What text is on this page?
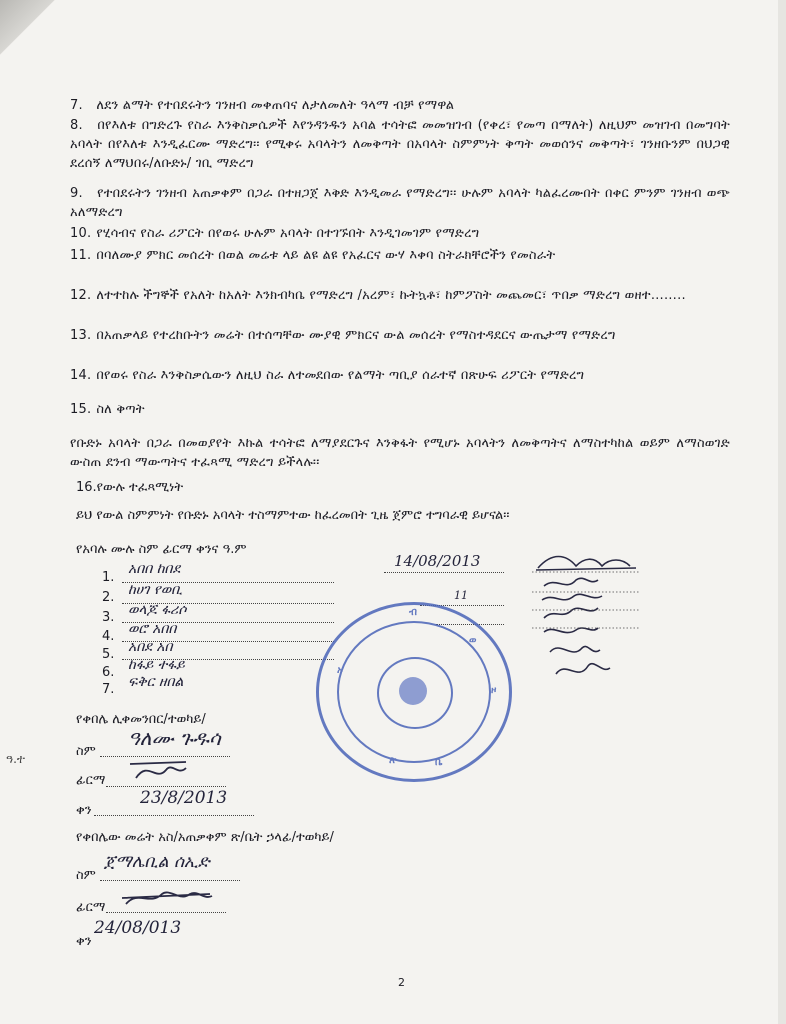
7. ለደን ልማት የተበደሩትን ገንዘብ መቀጠባና ለታለመለት ዓላማ ብቻ የማዋል
8. በየእለቱ በግድረጉ የስራ እንቅስቃሴዎች እየንዳንዱን አባል ተሳትፎ መመዝገብ (የቀረ፣ የመጣ በማለት) ለዚህም መዝገብ በመግባት አባላት በየእለቱ እንዲፈርሙ ማድረግ፡፡ የሚቀሩ አባላትን ለመቅጣት በአባላት ስምምነት ቅጣት መወሰንና መቅጣት፣ ገንዘቡንም በህጋዊ ደረሰኝ ለማህበሩ/ለቡድኑ/ ገቢ ማድረግ
9. የተበደሩትን ገንዘብ አጠቃቀም በጋራ በተዘጋጀ እቅድ እንዲመራ የማድረግ፡፡ ሁሉም አባላት ካልፈረሙበት በቀር ምንም ገንዘብ ወጭ አለማድረግ
10. የሂሳብና የስራ ሪፖርት በየወሩ ሁሉም አባላት በተገኙበት እንዲገመገም የማድረግ
11. በባለሙያ ምክር መሰረት በወል መሬቱ ላይ ልዩ ልዩ የአፈርና ውሃ እቀባ ስትራክቸሮችን የመስራት
12. ለተተከሉ ችግኞች የአለት ከአለት እንክብካቤ የማድረግ /አረም፣ ኩትኳቶ፣ ከምፖስት መጨመር፣ ጥበቃ ማድረግ ወዘተ……..
13. በአጠቃላይ የተረከቡትን መሬት በተሰጣቸው ሙያዊ ምክርና ውል መሰረት የማስተዳደርና ውጤታማ የማድረግ
14. በየወሩ የስራ እንቅስቃሴውን ለዚህ ስራ ለተመደበው የልማት ጣቢያ ሰራተኛ በጽሁፍ ሪፖርት የማድረግ
15. ስለ ቅጣት
የቡድኑ አባላት በጋራ በመወያየት እኩል ተሳትፎ ለማያደርጉና እንቅፋት የሚሆኑ አባላትን ለመቅጣትና ለማስተካከል ወይም ለማስወገድ ውስጠ ደንብ ማውጣትና ተፈጻሚ ማድረግ ይችላሉ፡፡
16.የውሉ ተፈጻሚነት
ይህ የውል ስምምነት የቡድኑ አባላት ተስማምተው ከፈረመበት ጊዜ ጀምሮ ተግባራዊ ይሆናል፡፡
የአባሉ ሙሉ ስም ፊርማ ቀንና ዓ.ም
1.
አበበ ከበደ
2. ከሀገ የወቢ
3. ወላጆ ፋሪሶ
4. ወሮ አበበ
5. አበደ አበ
6. ከፋይ ተፋይ
7. ፍቅር ዘበል
14/08/2013
11
ብ
ወ
ዞ
ኦ
ጽ	ቤ
የቀበሌ ሊቀመንበር/ተወካይ/
ስም
ዓለሙ ጉዱሳ
ፊርማ
ቀን
23/8/2013
ዓ.ተ
የቀበሌው መሬት አስ/አጠቃቀም ጽ/ቤት ኃላፊ/ተወካይ/
ስም
ጀማሌቢል ሰኢድ
ፊርማ
ቀን
24/08/013
2
